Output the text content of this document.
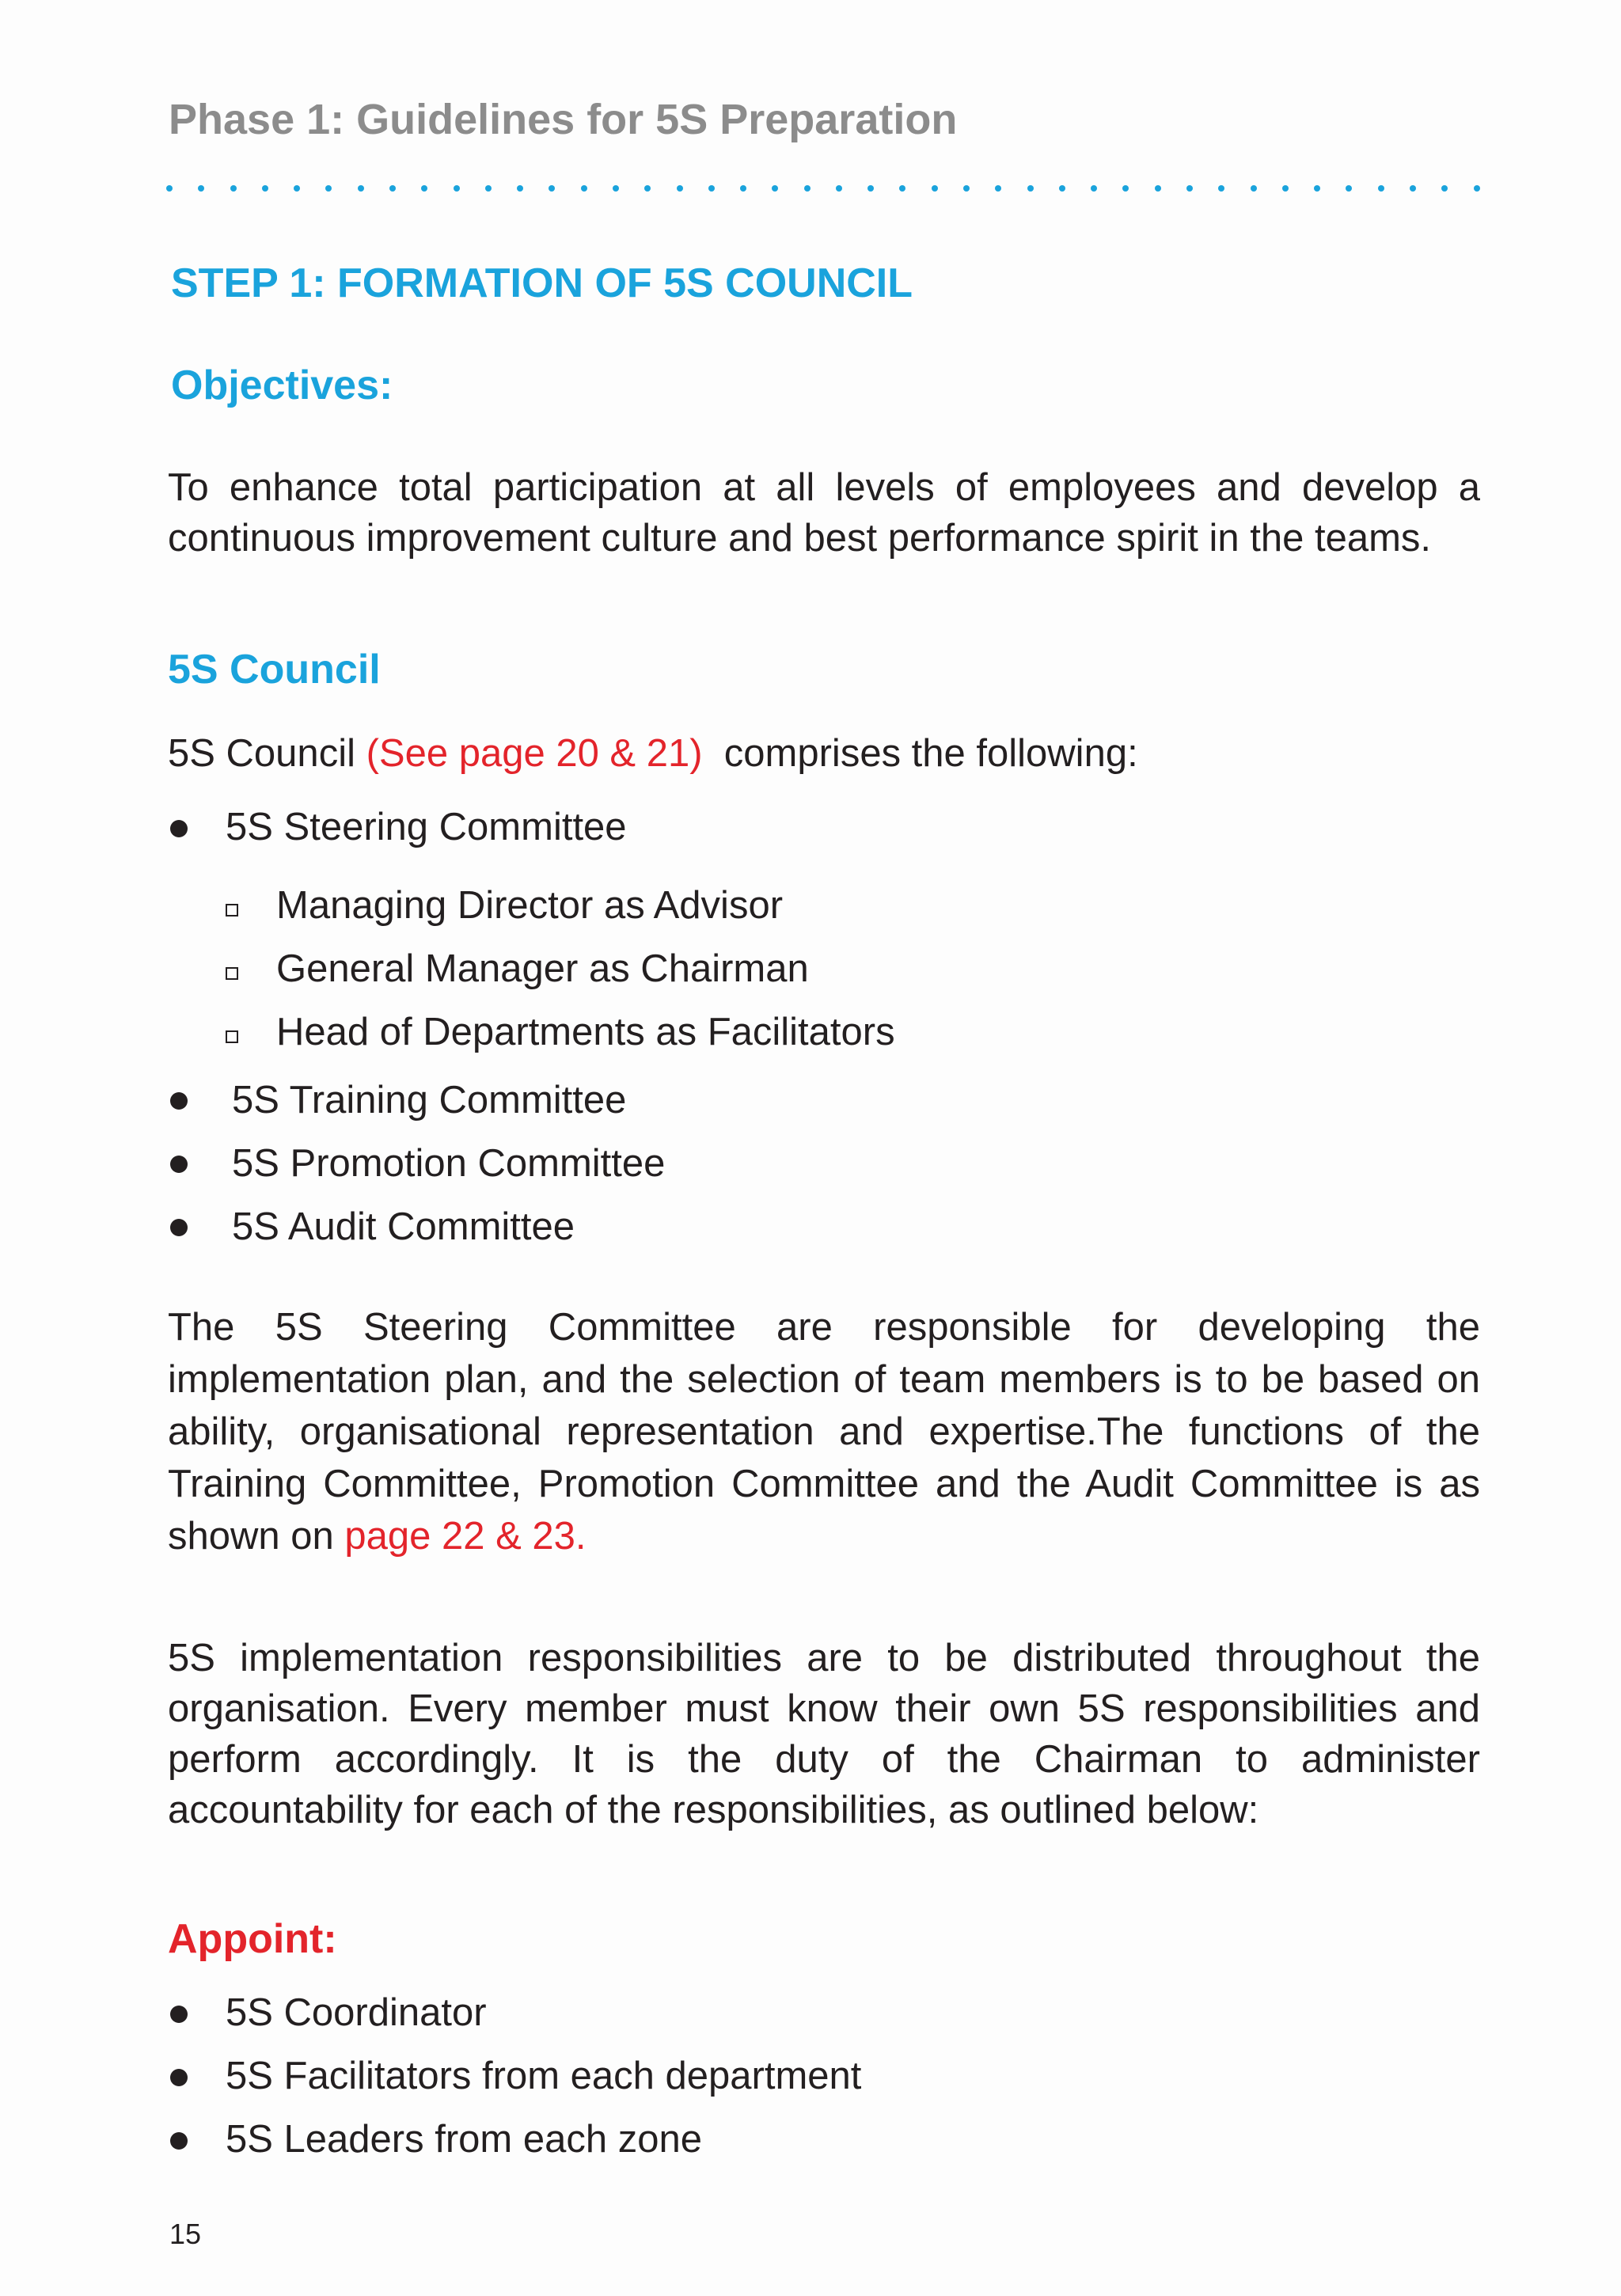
Phase 1: Guidelines for 5S Preparation
STEP 1: FORMATION OF 5S COUNCIL
Objectives:
To enhance total participation at all levels of employees and develop a continuous improvement culture and best performance spirit in the teams.
5S Council
5S Council (See page 20 & 21)  comprises the following:
5S Steering Committee
Managing Director as Advisor
General Manager as Chairman
Head of Departments as Facilitators
5S Training Committee
5S Promotion Committee
5S Audit Committee
The 5S Steering Committee are responsible for developing the implementation plan, and the selection of team members is to be based on ability, organisational representation and expertise.The functions of the Training Committee, Promotion Committee and the Audit Committee is as shown on page 22 & 23.
5S implementation responsibilities are to be distributed throughout the organisation. Every member must know their own 5S responsibilities and perform accordingly. It is the duty of the Chairman to administer accountability for each of the responsibilities, as outlined below:
Appoint:
5S Coordinator
5S Facilitators from each department
5S Leaders from each zone
15
